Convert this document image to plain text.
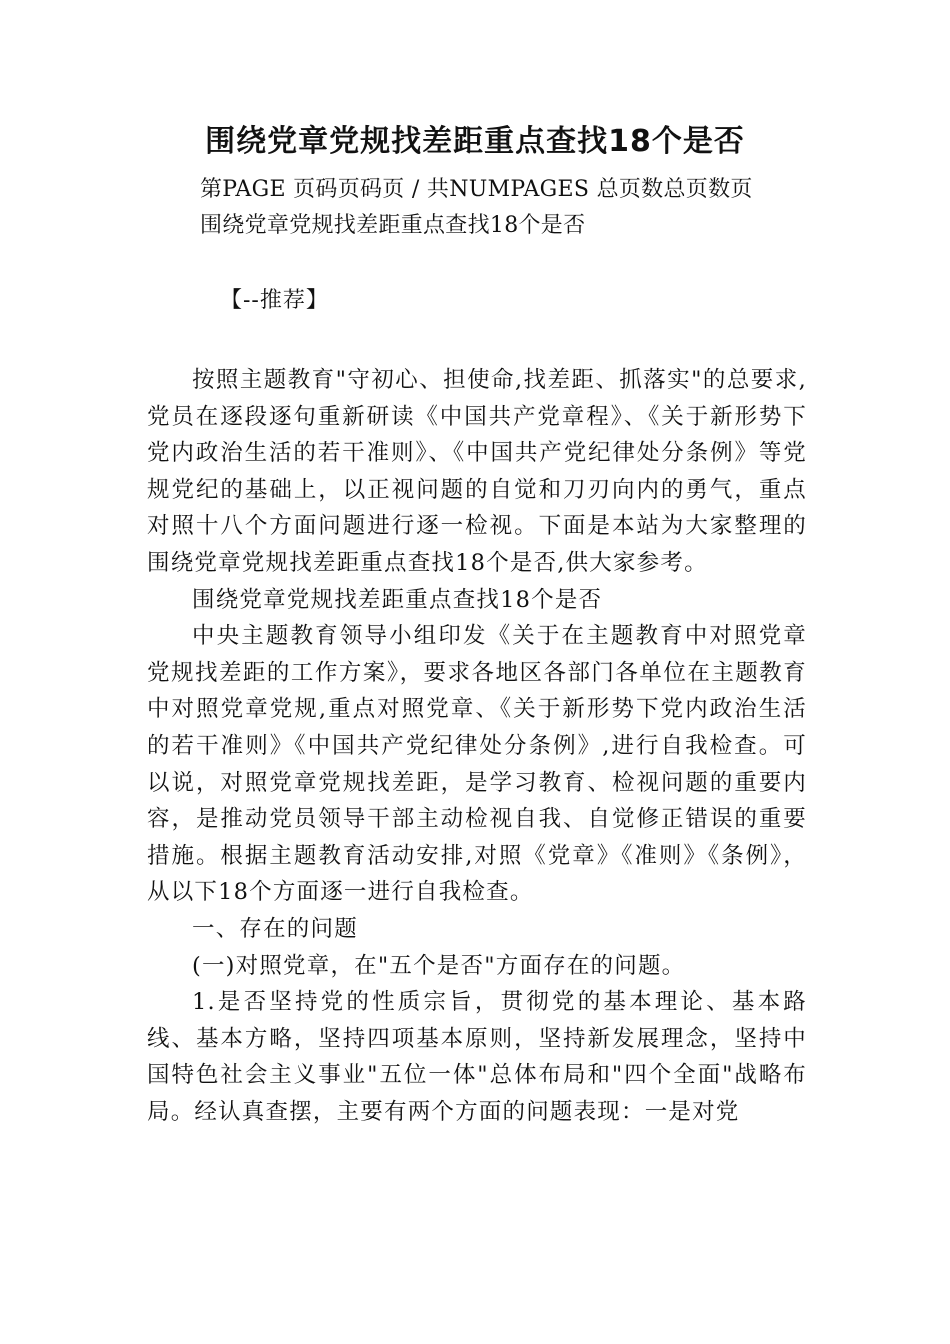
围绕党章党规找差距重点查找18个是否
第PAGE 页码页码页 / 共NUMPAGES 总页数总页数页
围绕党章党规找差距重点查找18个是否
【--推荐】

按照主题教育"守初心、担使命,找差距、抓落实"的总要求,党员在逐段逐句重新研读《中国共产党章程》、《关于新形势下党内政治生活的若干准则》、《中国共产党纪律处分条例》等党规党纪的基础上，以正视问题的自觉和刀刃向内的勇气，重点对照十八个方面问题进行逐一检视。下面是本站为大家整理的围绕党章党规找差距重点查找18个是否,供大家参考。

围绕党章党规找差距重点查找18个是否

中央主题教育领导小组印发《关于在主题教育中对照党章党规找差距的工作方案》，要求各地区各部门各单位在主题教育中对照党章党规,重点对照党章、《关于新形势下党内政治生活的若干准则》《中国共产党纪律处分条例》,进行自我检查。可以说，对照党章党规找差距，是学习教育、检视问题的重要内容，是推动党员领导干部主动检视自我、自觉修正错误的重要措施。根据主题教育活动安排,对照《党章》《准则》《条例》，从以下18个方面逐一进行自我检查。

一、存在的问题

(一)对照党章，在"五个是否"方面存在的问题。

1.是否坚持党的性质宗旨，贯彻党的基本理论、基本路线、基本方略，坚持四项基本原则，坚持新发展理念，坚持中国特色社会主义事业"五位一体"总体布局和"四个全面"战略布局。经认真查摆，主要有两个方面的问题表现：一是对党
